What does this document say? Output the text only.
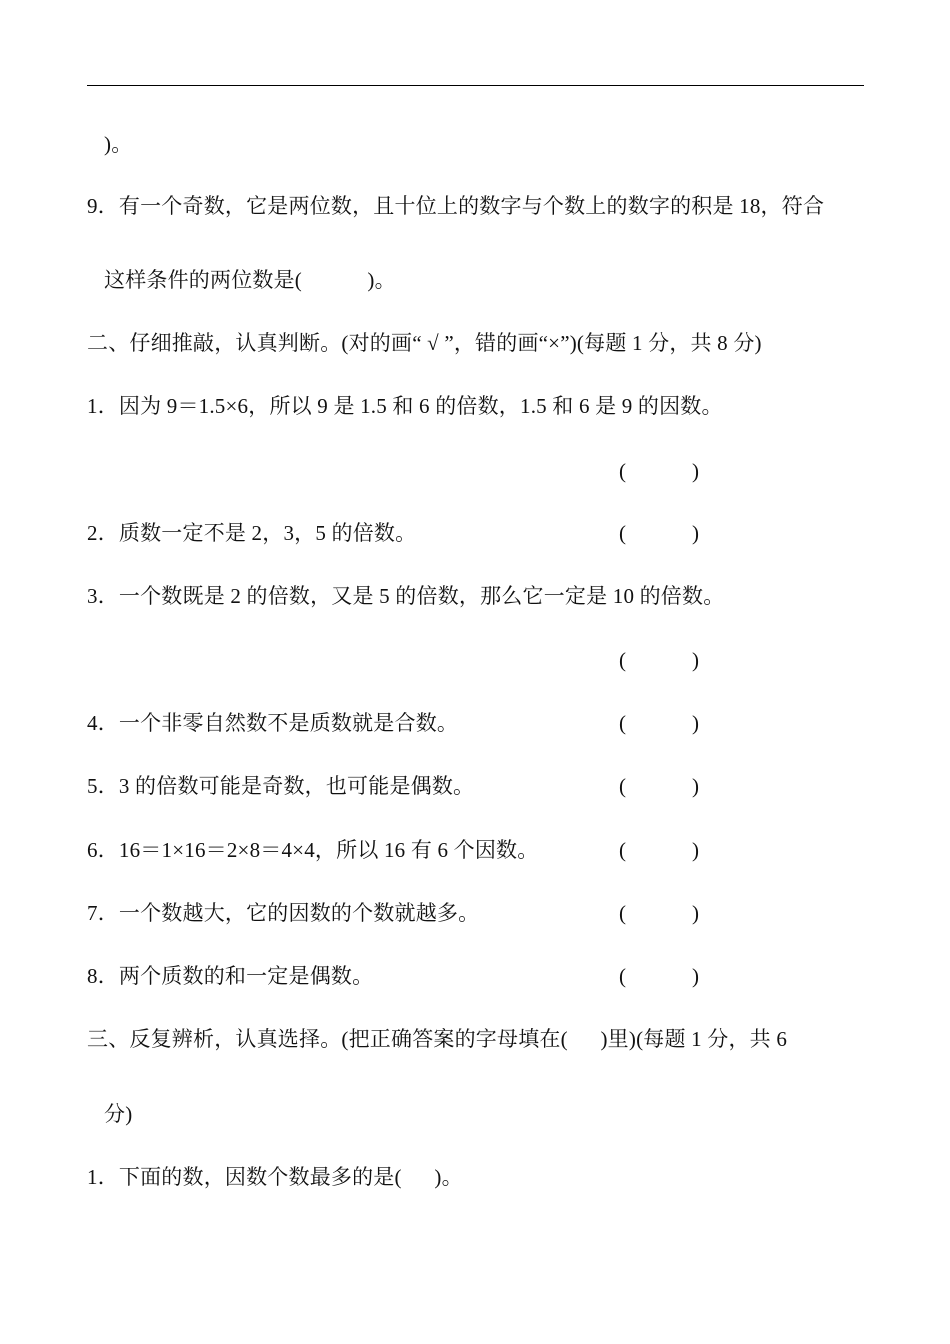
)。
9．有一个奇数，它是两位数，且十位上的数字与个数上的数字的积是 18，符合
这样条件的两位数是(            )。
二、仔细推敲，认真判断。(对的画“ √ ”，错的画“×”)(每题 1 分，共 8 分)
1．因为 9＝1.5×6，所以 9 是 1.5 和 6 的倍数，1.5 和 6 是 9 的因数。
(	)
2．质数一定不是 2，3，5 的倍数。	(	)
3．一个数既是 2 的倍数，又是 5 的倍数，那么它一定是 10 的倍数。
(	)
4．一个非零自然数不是质数就是合数。	(	)
5．3 的倍数可能是奇数，也可能是偶数。	(	)
6．16＝1×16＝2×8＝4×4，所以 16 有 6 个因数。	(	)
7．一个数越大，它的因数的个数就越多。	(	)
8．两个质数的和一定是偶数。	(	)
三、反复辨析，认真选择。(把正确答案的字母填在(      )里)(每题 1 分，共 6
分)
1．下面的数，因数个数最多的是(      )。
